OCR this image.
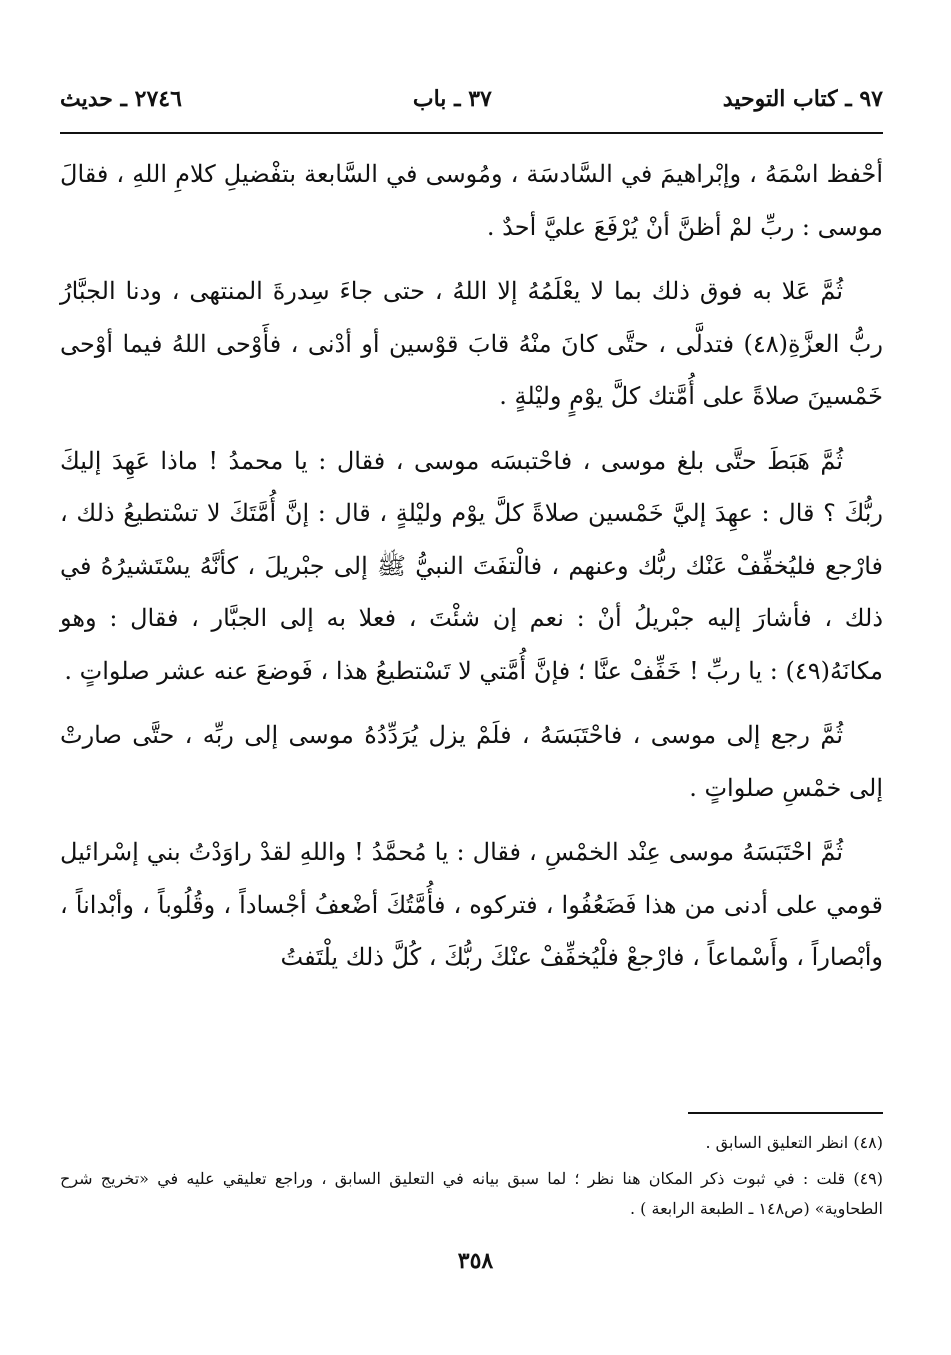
٩٧ ـ كتاب التوحيد
٣٧ ـ باب
٢٧٤٦ ـ حديث

أحْفظ اسْمَهُ ، وإبْراهيمَ في السَّادسَة ، ومُوسى في السَّابعة بتفْضيلِ كلامِ اللهِ ، فقالَ موسى : ربِّ لمْ أظنَّ أنْ يُرْفَعَ عليَّ أحدٌ .

ثُمَّ عَلا به فوق ذلك بما لا يعْلَمُهُ إلا اللهُ ، حتى جاءَ سِدرةَ المنتهى ، ودنا الجبَّارُ ربُّ العزَّةِ(٤٨) فتدلَّى ، حتَّى كانَ منْهُ قابَ قوْسين أو أدْنى ، فأَوْحى اللهُ فيما أوْحى خَمْسينَ صلاةً على أُمَّتك كلَّ يوْمٍ وليْلةٍ .

ثُمَّ هَبَطَ حتَّى بلغ موسى ، فاحْتبسَه موسى ، فقال : يا محمدُ ! ماذا عَهِدَ إليكَ ربُّكَ ؟ قال : عهِدَ إليَّ خَمْسين صلاةً كلَّ يوْم وليْلةٍ ، قال : إنَّ أُمَّتَكَ لا تسْتطيعُ ذلك ، فارْجع فليُخفِّفْ عَنْك ربُّك وعنهم ، فالْتفَتَ النبيُّ ﷺ إلى جبْريلَ ، كأنَّهُ يسْتَشيرُهُ في ذلك ، فأشارَ إليه جبْريلُ أنْ : نعم إن شئْتَ ، فعلا به إلى الجبَّار ، فقال : وهو مكانَهُ(٤٩) : يا ربِّ ! خَفِّفْ عنَّا ؛ فإنَّ أُمَّتي لا تَسْتطيعُ هذا ، فَوضعَ عنه عشر صلواتٍ .

ثُمَّ رجع إلى موسى ، فاحْتَبَسَهُ ، فلَمْ يزل يُرَدِّدُهُ موسى إلى ربِّه ، حتَّى صارتْ إلى خمْسِ صلواتٍ .

ثُمَّ احْتَبَسَهُ موسى عِنْد الخمْسِ ، فقال : يا مُحمَّدُ ! واللهِ لقدْ راوَدْتُ بني إسْرائيل قومي على أدنى من هذا فَضَعُفُوا ، فتركوه ، فأُمَّتُكَ أضْعفُ أجْساداً ، وقُلُوباً ، وأبْداناً ، وأبْصاراً ، وأَسْماعاً ، فارْجعْ فلْيُخفِّفْ عنْكَ ربُّكَ ، كُلَّ ذلك يلْتَفتُ

(٤٨) انظر التعليق السابق .

(٤٩) قلت : في ثبوت ذكر المكان هنا نظر ؛ لما سبق بيانه في التعليق السابق ، وراجع تعليقي عليه في «تخريج شرح الطحاوية» (ص١٤٨ ـ الطبعة الرابعة ) .

٣٥٨
